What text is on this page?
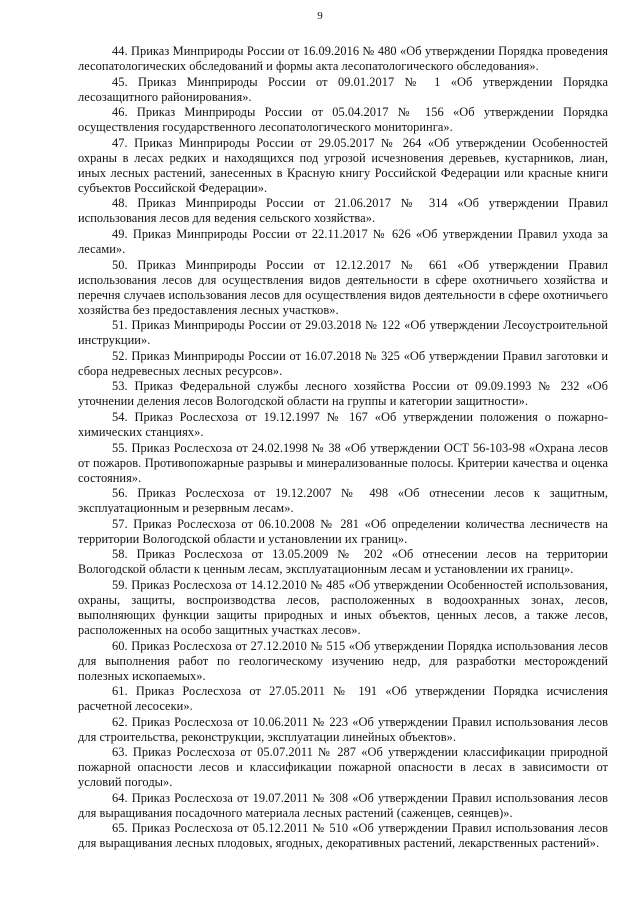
9

44. Приказ Минприроды России от 16.09.2016 № 480 «Об утверждении Порядка проведения лесопатологических обследований и формы акта лесопатологического обследования».

45. Приказ Минприроды России от 09.01.2017 № 1 «Об утверждении Порядка лесозащитного районирования».

46. Приказ Минприроды России от 05.04.2017 № 156 «Об утверждении Порядка осуществления государственного лесопатологического мониторинга».

47. Приказ Минприроды России от 29.05.2017 № 264 «Об утверждении Особенностей охраны в лесах редких и находящихся под угрозой исчезновения деревьев, кустарников, лиан, иных лесных растений, занесенных в Красную книгу Российской Федерации или красные книги субъектов Российской Федерации».

48. Приказ Минприроды России от 21.06.2017 № 314 «Об утверждении Правил использования лесов для ведения сельского хозяйства».

49. Приказ Минприроды России от 22.11.2017 № 626 «Об утверждении Правил ухода за лесами».

50. Приказ Минприроды России от 12.12.2017 № 661 «Об утверждении Правил использования лесов для осуществления видов деятельности в сфере охотничьего хозяйства и перечня случаев использования лесов для осуществления видов деятельности в сфере охотничьего хозяйства без предоставления лесных участков».

51. Приказ Минприроды России от 29.03.2018 № 122 «Об утверждении Лесоустроительной инструкции».

52. Приказ Минприроды России от 16.07.2018 № 325 «Об утверждении Правил заготовки и сбора недревесных лесных ресурсов».

53. Приказ Федеральной службы лесного хозяйства России от 09.09.1993 № 232 «Об уточнении деления лесов Вологодской области на группы и категории защитности».

54. Приказ Рослесхоза от 19.12.1997 № 167 «Об утверждении положения о пожарно-химических станциях».

55. Приказ Рослесхоза от 24.02.1998 № 38 «Об утверждении ОСТ 56-103-98 «Охрана лесов от пожаров. Противопожарные разрывы и минерализованные полосы. Критерии качества и оценка состояния».

56. Приказ Рослесхоза от 19.12.2007 № 498 «Об отнесении лесов к защитным, эксплуатационным и резервным лесам».

57. Приказ Рослесхоза от 06.10.2008 № 281 «Об определении количества лесничеств на территории Вологодской области и установлении их границ».

58. Приказ Рослесхоза от 13.05.2009 № 202 «Об отнесении лесов на территории Вологодской области к ценным лесам, эксплуатационным лесам и установлении их границ».

59. Приказ Рослесхоза от 14.12.2010 № 485 «Об утверждении Особенностей использования, охраны, защиты, воспроизводства лесов, расположенных в водоохранных зонах, лесов, выполняющих функции защиты природных и иных объектов, ценных лесов, а также лесов, расположенных на особо защитных участках лесов».

60. Приказ Рослесхоза от 27.12.2010 № 515 «Об утверждении Порядка использования лесов для выполнения работ по геологическому изучению недр, для разработки месторождений полезных ископаемых».

61. Приказ Рослесхоза от 27.05.2011 № 191 «Об утверждении Порядка исчисления расчетной лесосеки».

62. Приказ Рослесхоза от 10.06.2011 № 223 «Об утверждении Правил использования лесов для строительства, реконструкции, эксплуатации линейных объектов».

63. Приказ Рослесхоза от 05.07.2011 № 287 «Об утверждении классификации природной пожарной опасности лесов и классификации пожарной опасности в лесах в зависимости от условий погоды».

64. Приказ Рослесхоза от 19.07.2011 № 308 «Об утверждении Правил использования лесов для выращивания посадочного материала лесных растений (саженцев, сеянцев)».

65. Приказ Рослесхоза от 05.12.2011 № 510 «Об утверждении Правил использования лесов для выращивания лесных плодовых, ягодных, декоративных растений, лекарственных растений».
